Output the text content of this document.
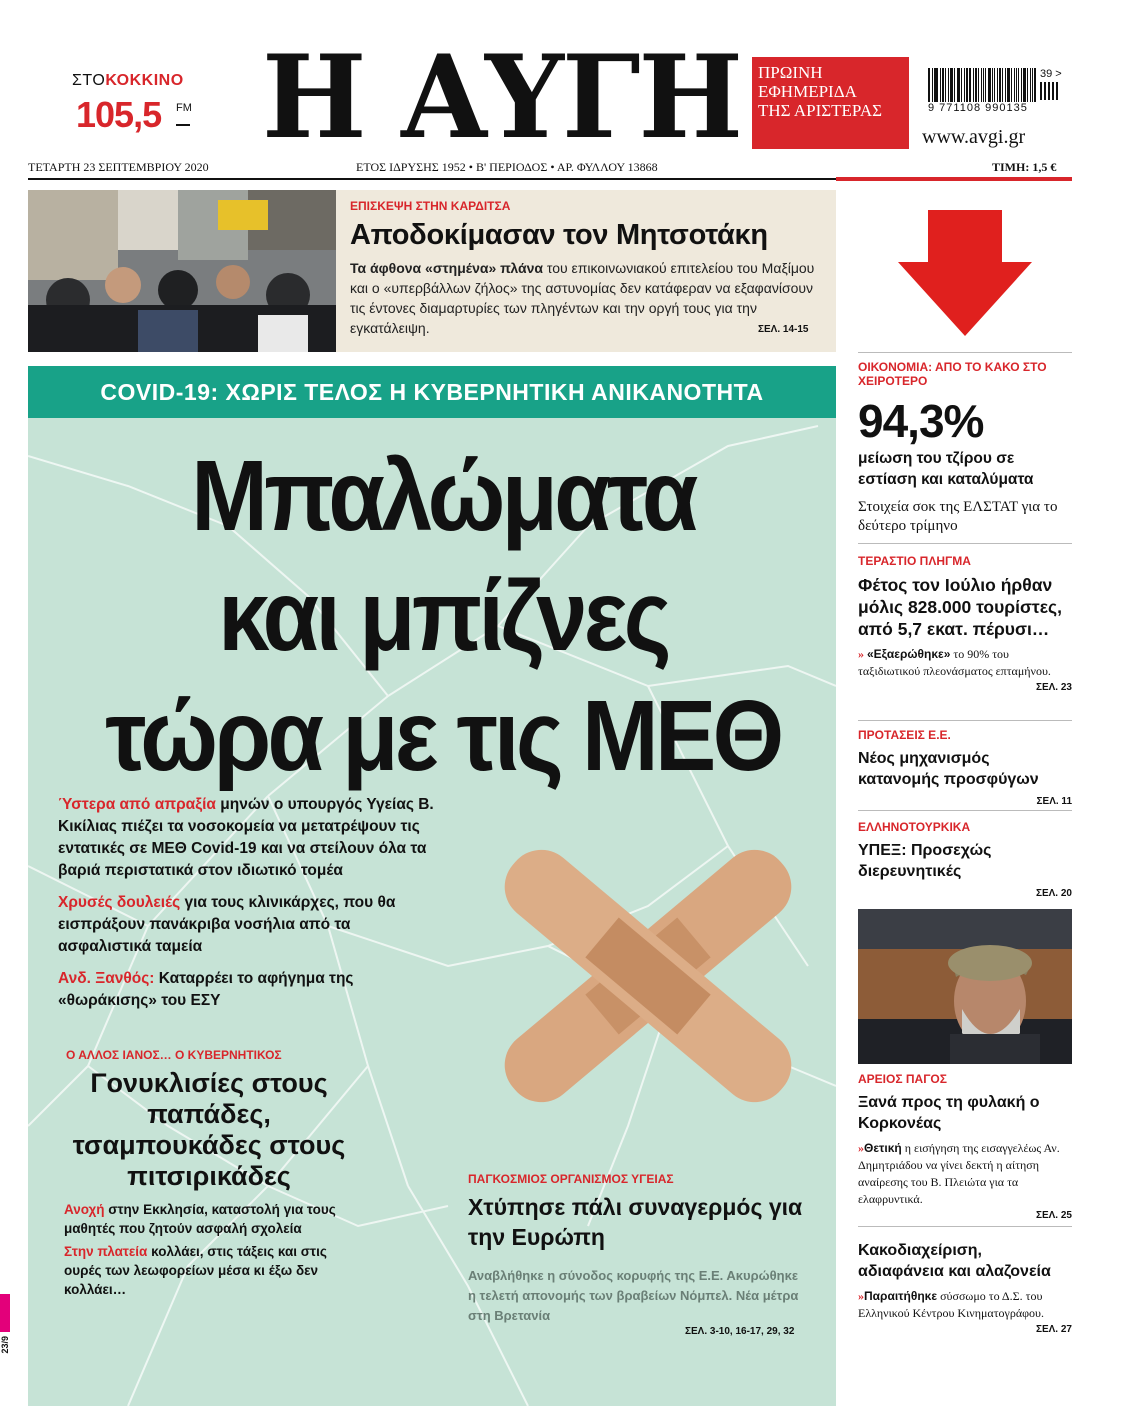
ΣΤΟΚΟΚΚΙΝΟ
105,5 FM Η ΑΥΓΗ ΠΡΩΙΝΗ
ΕΦΗΜΕΡΙΔΑ
ΤΗΣ ΑΡΙΣΤΕΡΑΣ	9 771108 990135
39 >
www.avgi.gr
ΤΕΤΑΡΤΗ 23 ΣΕΠΤΕΜΒΡΙΟΥ 2020	ΕΤΟΣ ΙΔΡΥΣΗΣ 1952 • Β' ΠΕΡΙΟΔΟΣ • ΑΡ. ΦΥΛΛΟΥ 13868	ΤΙΜΗ: 1,5 €
ΕΠΙΣΚΕΨΗ ΣΤΗΝ ΚΑΡΔΙΤΣΑ
Αποδοκίμασαν τον Μητσοτάκη
Τα άφθονα «στημένα» πλάνα του επικοινωνιακού επιτελείου του Μαξίμου και ο «υπερβάλλων ζήλος» της αστυνομίας δεν κατάφεραν να εξαφανίσουν τις έντονες διαμαρτυρίες των πληγέντων και την οργή τους για την εγκατάλειψη.	ΣΕΛ. 14-15
COVID-19: ΧΩΡΙΣ ΤΕΛΟΣ Η ΚΥΒΕΡΝΗΤΙΚΗ ΑΝΙΚΑΝΟΤΗΤΑ
Μπαλώματα
και μπίζνες
τώρα με τις ΜΕΘ
Ύστερα από απραξία μηνών ο υπουργός Υγείας Β. Κικίλιας πιέζει τα νοσοκομεία να μετατρέψουν τις εντατικές σε ΜΕΘ Covid-19 και να στείλουν όλα τα βαριά περιστατικά στον ιδιωτικό τομέα
Χρυσές δουλειές για τους κλινικάρχες, που θα εισπράξουν πανάκριβα νοσήλια από τα ασφαλιστικά ταμεία
Ανδ. Ξανθός: Καταρρέει το αφήγημα της «θωράκισης» του ΕΣΥ
Ο ΑΛΛΟΣ ΙΑΝΟΣ… Ο ΚΥΒΕΡΝΗΤΙΚΟΣ
Γονυκλισίες στους παπάδες, τσαμπουκάδες στους πιτσιρικάδες

Ανοχή στην Εκκλησία, καταστολή για τους μαθητές που ζητούν ασφαλή σχολεία

Στην πλατεία κολλάει, στις τάξεις και στις ουρές των λεωφορείων μέσα κι έξω δεν κολλάει…

ΠΑΓΚΟΣΜΙΟΣ ΟΡΓΑΝΙΣΜΟΣ ΥΓΕΙΑΣ
Χτύπησε πάλι συναγερμός για την Ευρώπη
Αναβλήθηκε η σύνοδος κορυφής της Ε.Ε. Ακυρώθηκε η τελετή απονομής των βραβείων Νόμπελ. Νέα μέτρα στη Βρετανία
ΣΕΛ. 3-10, 16-17, 29, 32
ΟΙΚΟΝΟΜΙΑ: ΑΠΟ ΤΟ ΚΑΚΟ ΣΤΟ ΧΕΙΡΟΤΕΡΟ
94,3%
μείωση του τζίρου σε εστίαση και καταλύματα
Στοιχεία σοκ της ΕΛΣΤΑΤ για το δεύτερο τρίμηνο
ΤΕΡΑΣΤΙΟ ΠΛΗΓΜΑ
Φέτος τον Ιούλιο ήρθαν μόλις 828.000 τουρίστες, από 5,7 εκατ. πέρυσι…
» «Εξαερώθηκε» το 90% του ταξιδιωτικού πλεονάσματος επταμήνου.
ΣΕΛ. 23
ΠΡΟΤΑΣΕΙΣ Ε.Ε.
Νέος μηχανισμός κατανομής προσφύγων
ΣΕΛ. 11
ΕΛΛΗΝΟΤΟΥΡΚΙΚΑ
ΥΠΕΞ: Προσεχώς διερευνητικές
ΣΕΛ. 20
ΑΡΕΙΟΣ ΠΑΓΟΣ
Ξανά προς τη φυλακή ο Κορκονέας
»Θετική η εισήγηση της εισαγγελέως Αν. Δημητριάδου να γίνει δεκτή η αίτηση αναίρεσης του Β. Πλειώτα για τα ελαφρυντικά.
ΣΕΛ. 25
Κακοδιαχείριση, αδιαφάνεια και αλαζονεία
»Παραιτήθηκε σύσσωμο το Δ.Σ. του Ελληνικού Κέντρου Κινηματογράφου.
ΣΕΛ. 27
23/9
